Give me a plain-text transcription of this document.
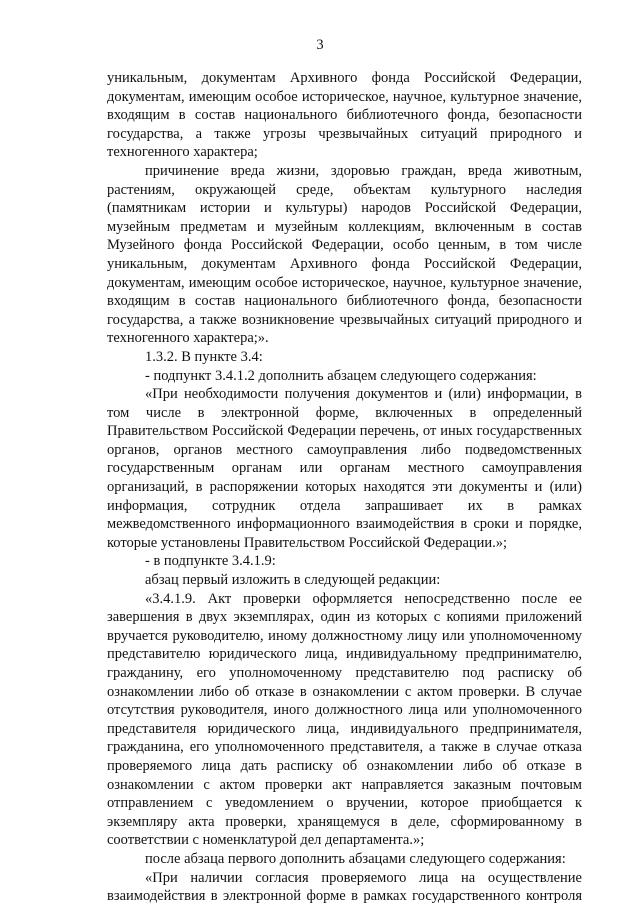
3

уникальным, документам Архивного фонда Российской Федерации, документам, имеющим особое историческое, научное, культурное значение, входящим в состав национального библиотечного фонда, безопасности государства, а также угрозы чрезвычайных ситуаций природного и техногенного характера;

причинение вреда жизни, здоровью граждан, вреда животным, растениям, окружающей среде, объектам культурного наследия (памятникам истории и культуры) народов Российской Федерации, музейным предметам и музейным коллекциям, включенным в состав Музейного фонда Российской Федерации, особо ценным, в том числе уникальным, документам Архивного фонда Российской Федерации, документам, имеющим особое историческое, научное, культурное значение, входящим в состав национального библиотечного фонда, безопасности государства, а также возникновение чрезвычайных ситуаций природного и техногенного характера;».

1.3.2. В пункте 3.4:

- подпункт 3.4.1.2 дополнить абзацем следующего содержания:

«При необходимости получения документов и (или) информации, в том числе в электронной форме, включенных в определенный Правительством Российской Федерации перечень, от иных государственных органов, органов местного самоуправления либо подведомственных государственным органам или органам местного самоуправления организаций, в распоряжении которых находятся эти документы и (или) информация, сотрудник отдела запрашивает их в рамках межведомственного информационного взаимодействия в сроки и порядке, которые установлены Правительством Российской Федерации.»;

- в подпункте 3.4.1.9:

абзац первый изложить в следующей редакции:

«3.4.1.9. Акт проверки оформляется непосредственно после ее завершения в двух экземплярах, один из которых с копиями приложений вручается руководителю, иному должностному лицу или уполномоченному представителю юридического лица, индивидуальному предпринимателю, гражданину, его уполномоченному представителю под расписку об ознакомлении либо об отказе в ознакомлении с актом проверки. В случае отсутствия руководителя, иного должностного лица или уполномоченного представителя юридического лица, индивидуального предпринимателя, гражданина, его уполномоченного представителя, а также в случае отказа проверяемого лица дать расписку об ознакомлении либо об отказе в ознакомлении с актом проверки акт направляется заказным почтовым отправлением с уведомлением о вручении, которое приобщается к экземпляру акта проверки, хранящемуся в деле, сформированному в соответствии с номенклатурой дел департамента.»;

после абзаца первого дополнить абзацами следующего содержания:

«При наличии согласия проверяемого лица на осуществление взаимодействия в электронной форме в рамках государственного контроля
